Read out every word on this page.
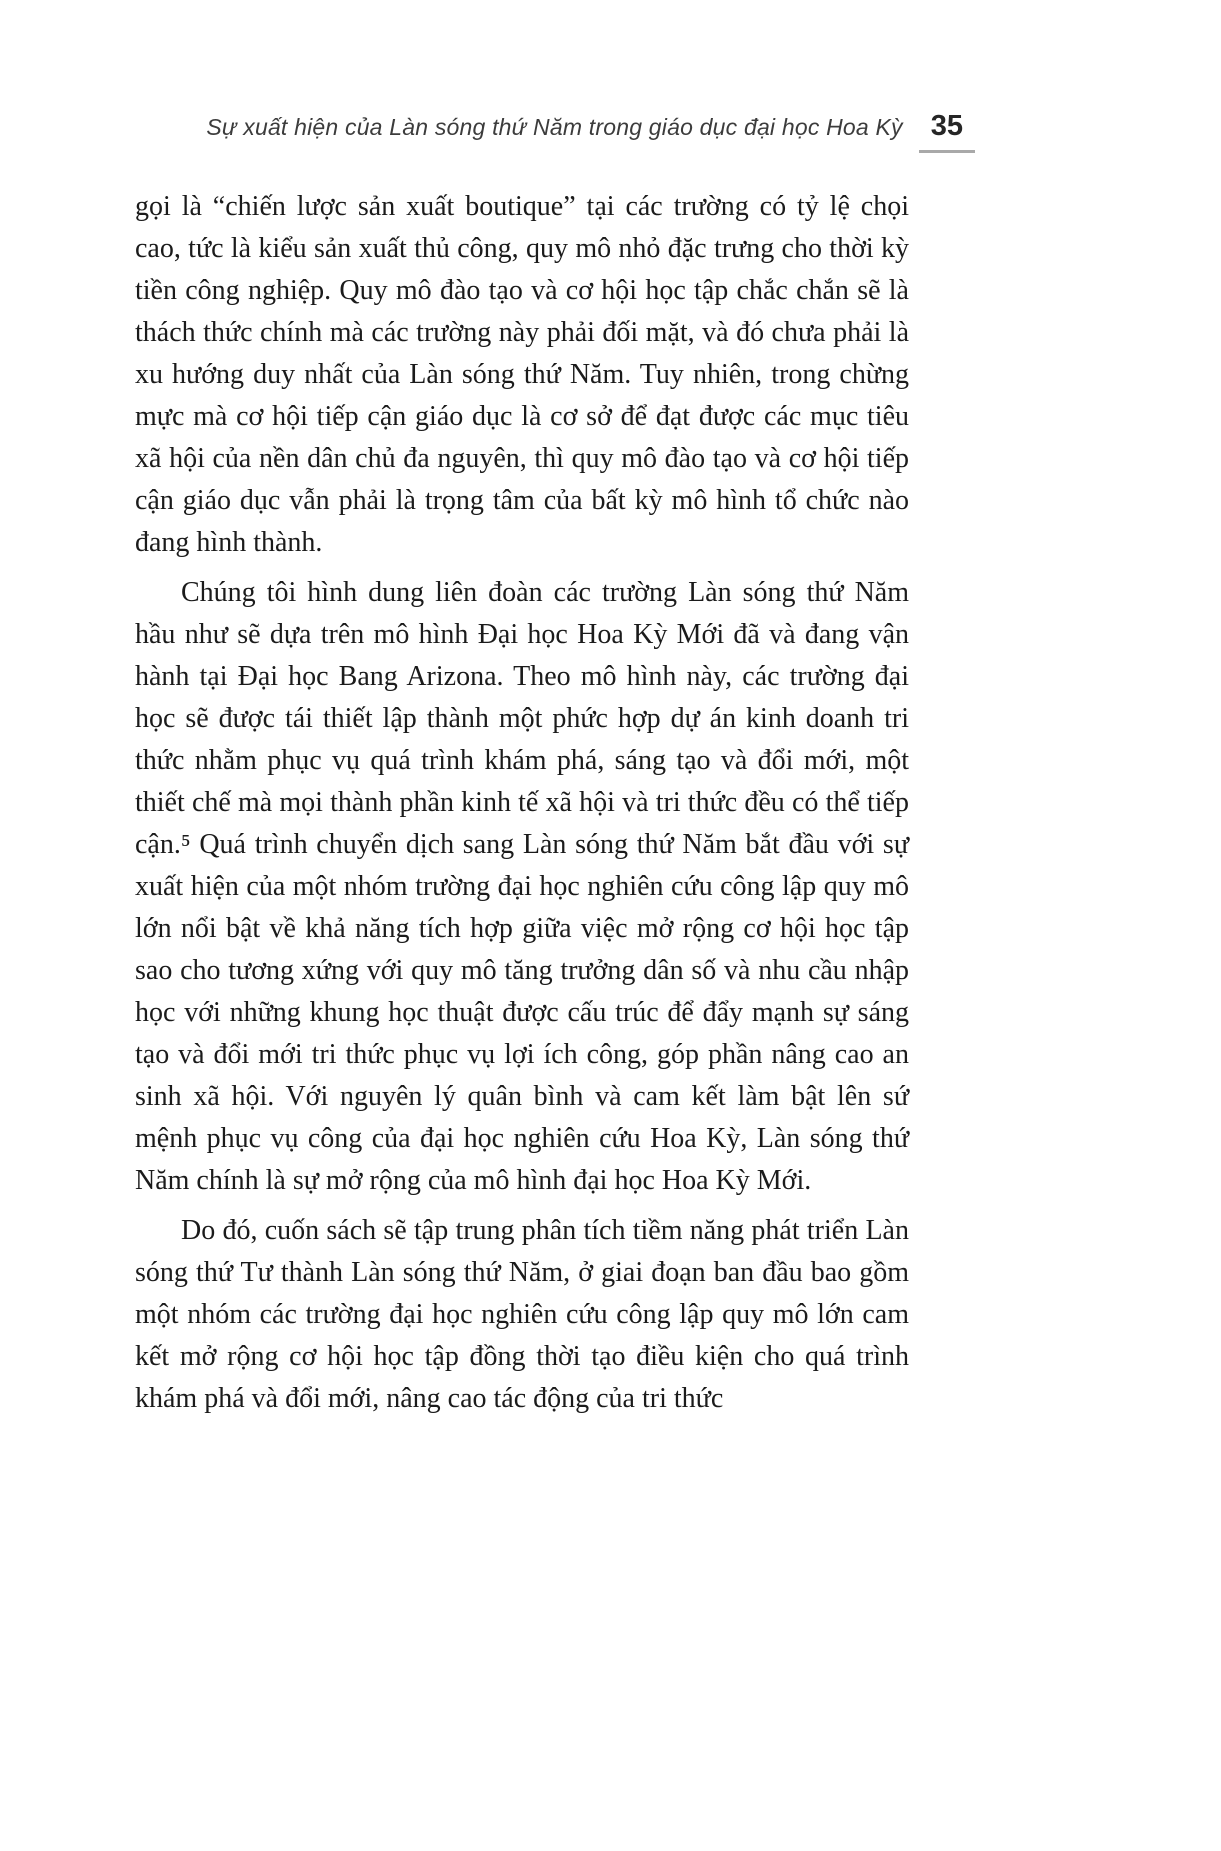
Sự xuất hiện của Làn sóng thứ Năm trong giáo dục đại học Hoa Kỳ 35

gọi là “chiến lược sản xuất boutique” tại các trường có tỷ lệ chọi cao, tức là kiểu sản xuất thủ công, quy mô nhỏ đặc trưng cho thời kỳ tiền công nghiệp. Quy mô đào tạo và cơ hội học tập chắc chắn sẽ là thách thức chính mà các trường này phải đối mặt, và đó chưa phải là xu hướng duy nhất của Làn sóng thứ Năm. Tuy nhiên, trong chừng mực mà cơ hội tiếp cận giáo dục là cơ sở để đạt được các mục tiêu xã hội của nền dân chủ đa nguyên, thì quy mô đào tạo và cơ hội tiếp cận giáo dục vẫn phải là trọng tâm của bất kỳ mô hình tổ chức nào đang hình thành.

Chúng tôi hình dung liên đoàn các trường Làn sóng thứ Năm hầu như sẽ dựa trên mô hình Đại học Hoa Kỳ Mới đã và đang vận hành tại Đại học Bang Arizona. Theo mô hình này, các trường đại học sẽ được tái thiết lập thành một phức hợp dự án kinh doanh tri thức nhằm phục vụ quá trình khám phá, sáng tạo và đổi mới, một thiết chế mà mọi thành phần kinh tế xã hội và tri thức đều có thể tiếp cận.⁵ Quá trình chuyển dịch sang Làn sóng thứ Năm bắt đầu với sự xuất hiện của một nhóm trường đại học nghiên cứu công lập quy mô lớn nổi bật về khả năng tích hợp giữa việc mở rộng cơ hội học tập sao cho tương xứng với quy mô tăng trưởng dân số và nhu cầu nhập học với những khung học thuật được cấu trúc để đẩy mạnh sự sáng tạo và đổi mới tri thức phục vụ lợi ích công, góp phần nâng cao an sinh xã hội. Với nguyên lý quân bình và cam kết làm bật lên sứ mệnh phục vụ công của đại học nghiên cứu Hoa Kỳ, Làn sóng thứ Năm chính là sự mở rộng của mô hình đại học Hoa Kỳ Mới.

Do đó, cuốn sách sẽ tập trung phân tích tiềm năng phát triển Làn sóng thứ Tư thành Làn sóng thứ Năm, ở giai đoạn ban đầu bao gồm một nhóm các trường đại học nghiên cứu công lập quy mô lớn cam kết mở rộng cơ hội học tập đồng thời tạo điều kiện cho quá trình khám phá và đổi mới, nâng cao tác động của tri thức
